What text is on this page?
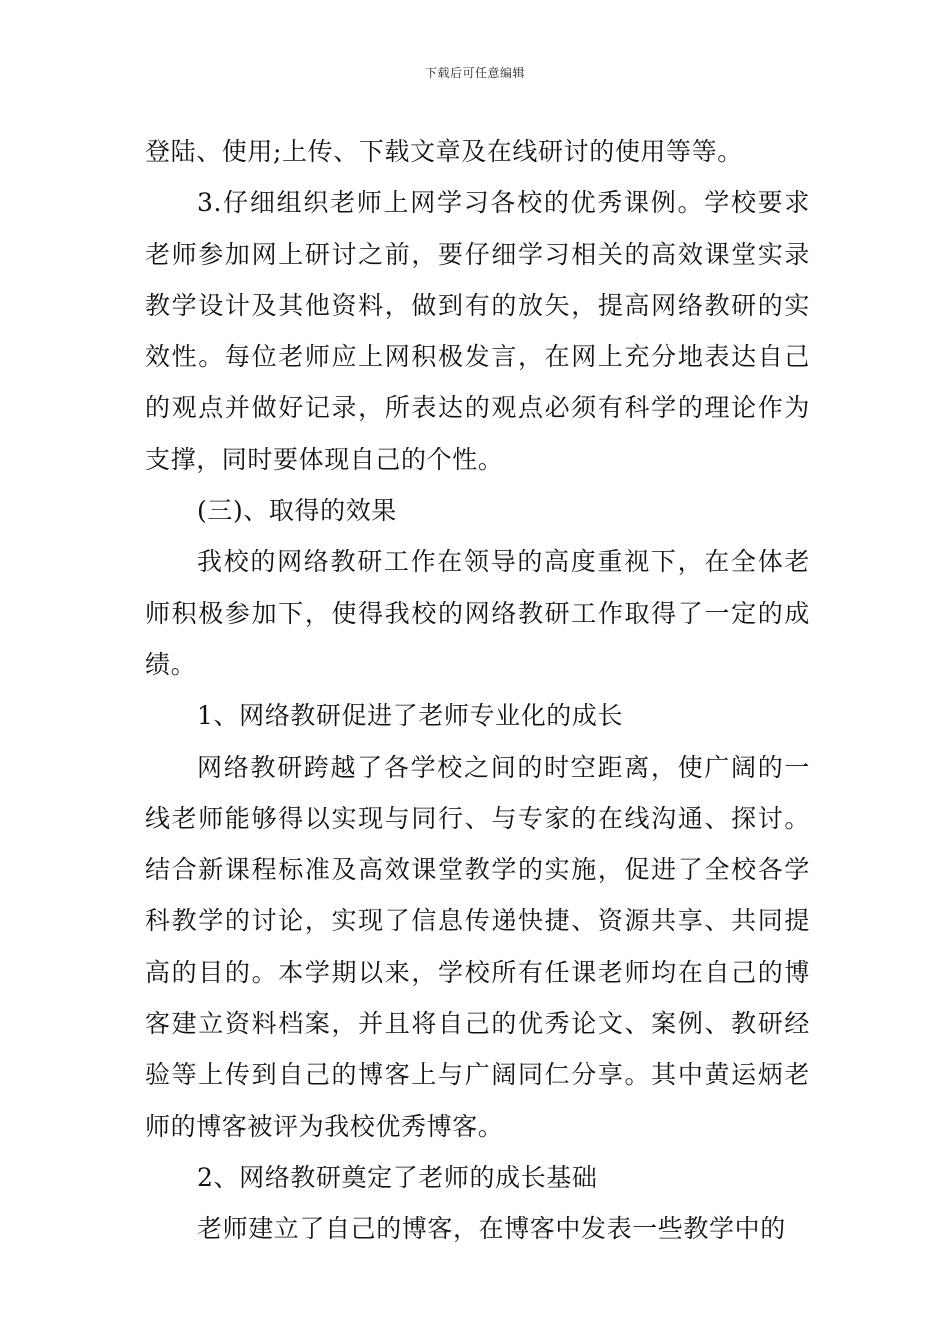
下载后可任意编辑

登陆、使用;上传、下载文章及在线研讨的使用等等。

3.仔细组织老师上网学习各校的优秀课例。学校要求老师参加网上研讨之前，要仔细学习相关的高效课堂实录教学设计及其他资料，做到有的放矢，提高网络教研的实效性。每位老师应上网积极发言，在网上充分地表达自己的观点并做好记录，所表达的观点必须有科学的理论作为支撑，同时要体现自己的个性。

(三)、取得的效果

我校的网络教研工作在领导的高度重视下，在全体老师积极参加下，使得我校的网络教研工作取得了一定的成绩。

1、网络教研促进了老师专业化的成长

网络教研跨越了各学校之间的时空距离，使广阔的一线老师能够得以实现与同行、与专家的在线沟通、探讨。结合新课程标准及高效课堂教学的实施，促进了全校各学科教学的讨论，实现了信息传递快捷、资源共享、共同提高的目的。本学期以来，学校所有任课老师均在自己的博客建立资料档案，并且将自己的优秀论文、案例、教研经验等上传到自己的博客上与广阔同仁分享。其中黄运炳老师的博客被评为我校优秀博客。

2、网络教研奠定了老师的成长基础

老师建立了自己的博客，在博客中发表一些教学中的
